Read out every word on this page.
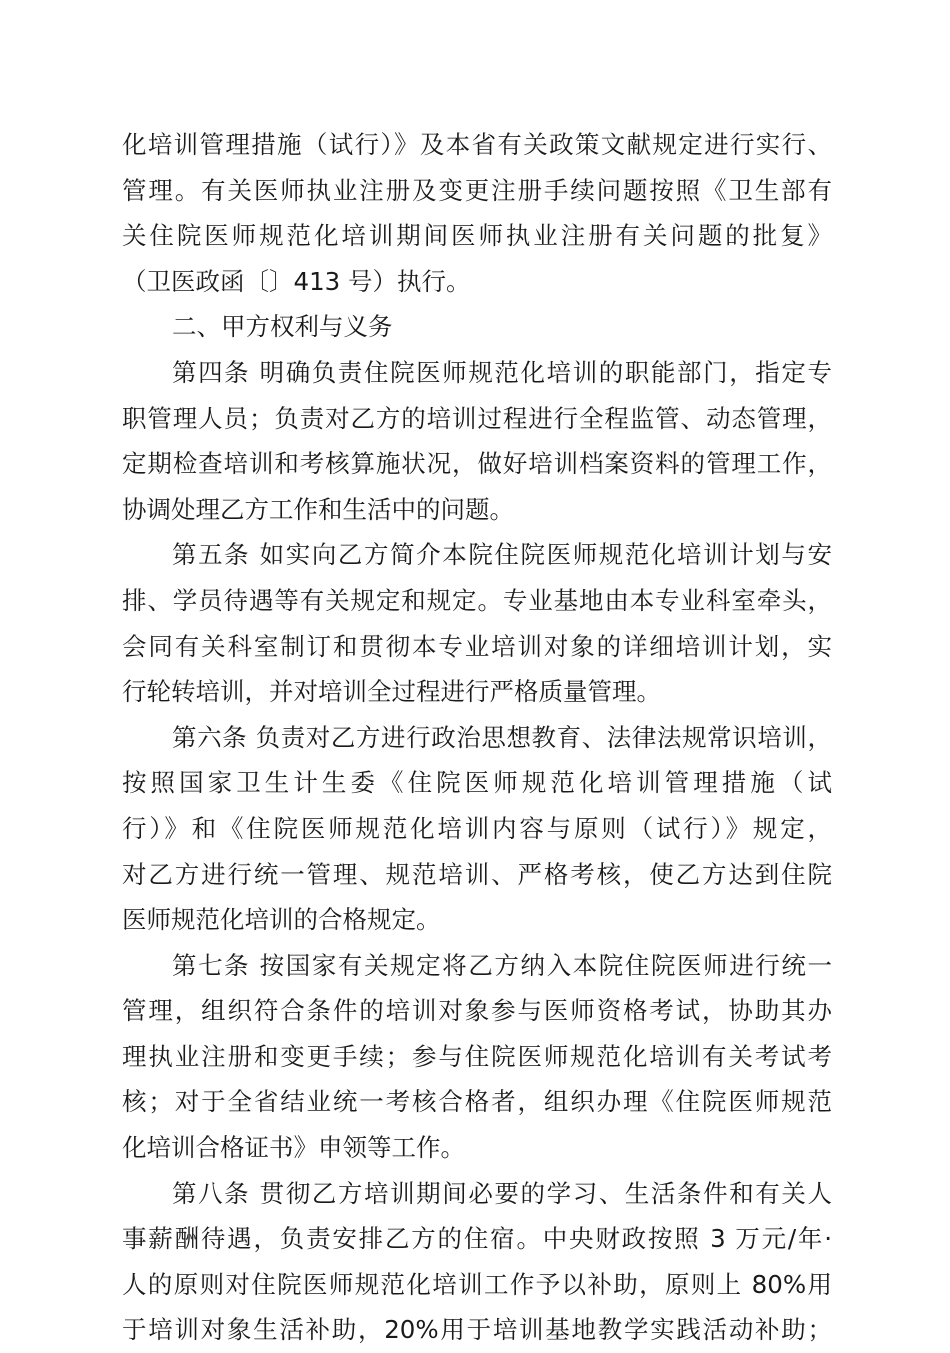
化培训管理措施（试行）》及本省有关政策文献规定进行实行、
管理。有关医师执业注册及变更注册手续问题按照《卫生部有
关住院医师规范化培训期间医师执业注册有关问题的批复》
（卫医政函〔〕413 号）执行。
二、甲方权利与义务
第四条 明确负责住院医师规范化培训的职能部门，指定专
职管理人员；负责对乙方的培训过程进行全程监管、动态管理，
定期检查培训和考核算施状况，做好培训档案资料的管理工作，
协调处理乙方工作和生活中的问题。
第五条 如实向乙方简介本院住院医师规范化培训计划与安
排、学员待遇等有关规定和规定。专业基地由本专业科室牵头，
会同有关科室制订和贯彻本专业培训对象的详细培训计划，实
行轮转培训，并对培训全过程进行严格质量管理。
第六条 负责对乙方进行政治思想教育、法律法规常识培训，
按照国家卫生计生委《住院医师规范化培训管理措施（试
行）》和《住院医师规范化培训内容与原则（试行）》规定，
对乙方进行统一管理、规范培训、严格考核，使乙方达到住院
医师规范化培训的合格规定。
第七条 按国家有关规定将乙方纳入本院住院医师进行统一
管理，组织符合条件的培训对象参与医师资格考试，协助其办
理执业注册和变更手续；参与住院医师规范化培训有关考试考
核；对于全省结业统一考核合格者，组织办理《住院医师规范
化培训合格证书》申领等工作。
第八条 贯彻乙方培训期间必要的学习、生活条件和有关人
事薪酬待遇，负责安排乙方的住宿。中央财政按照 3 万元/年·
人的原则对住院医师规范化培训工作予以补助，原则上 80%用
于培训对象生活补助，20%用于培训基地教学实践活动补助；
